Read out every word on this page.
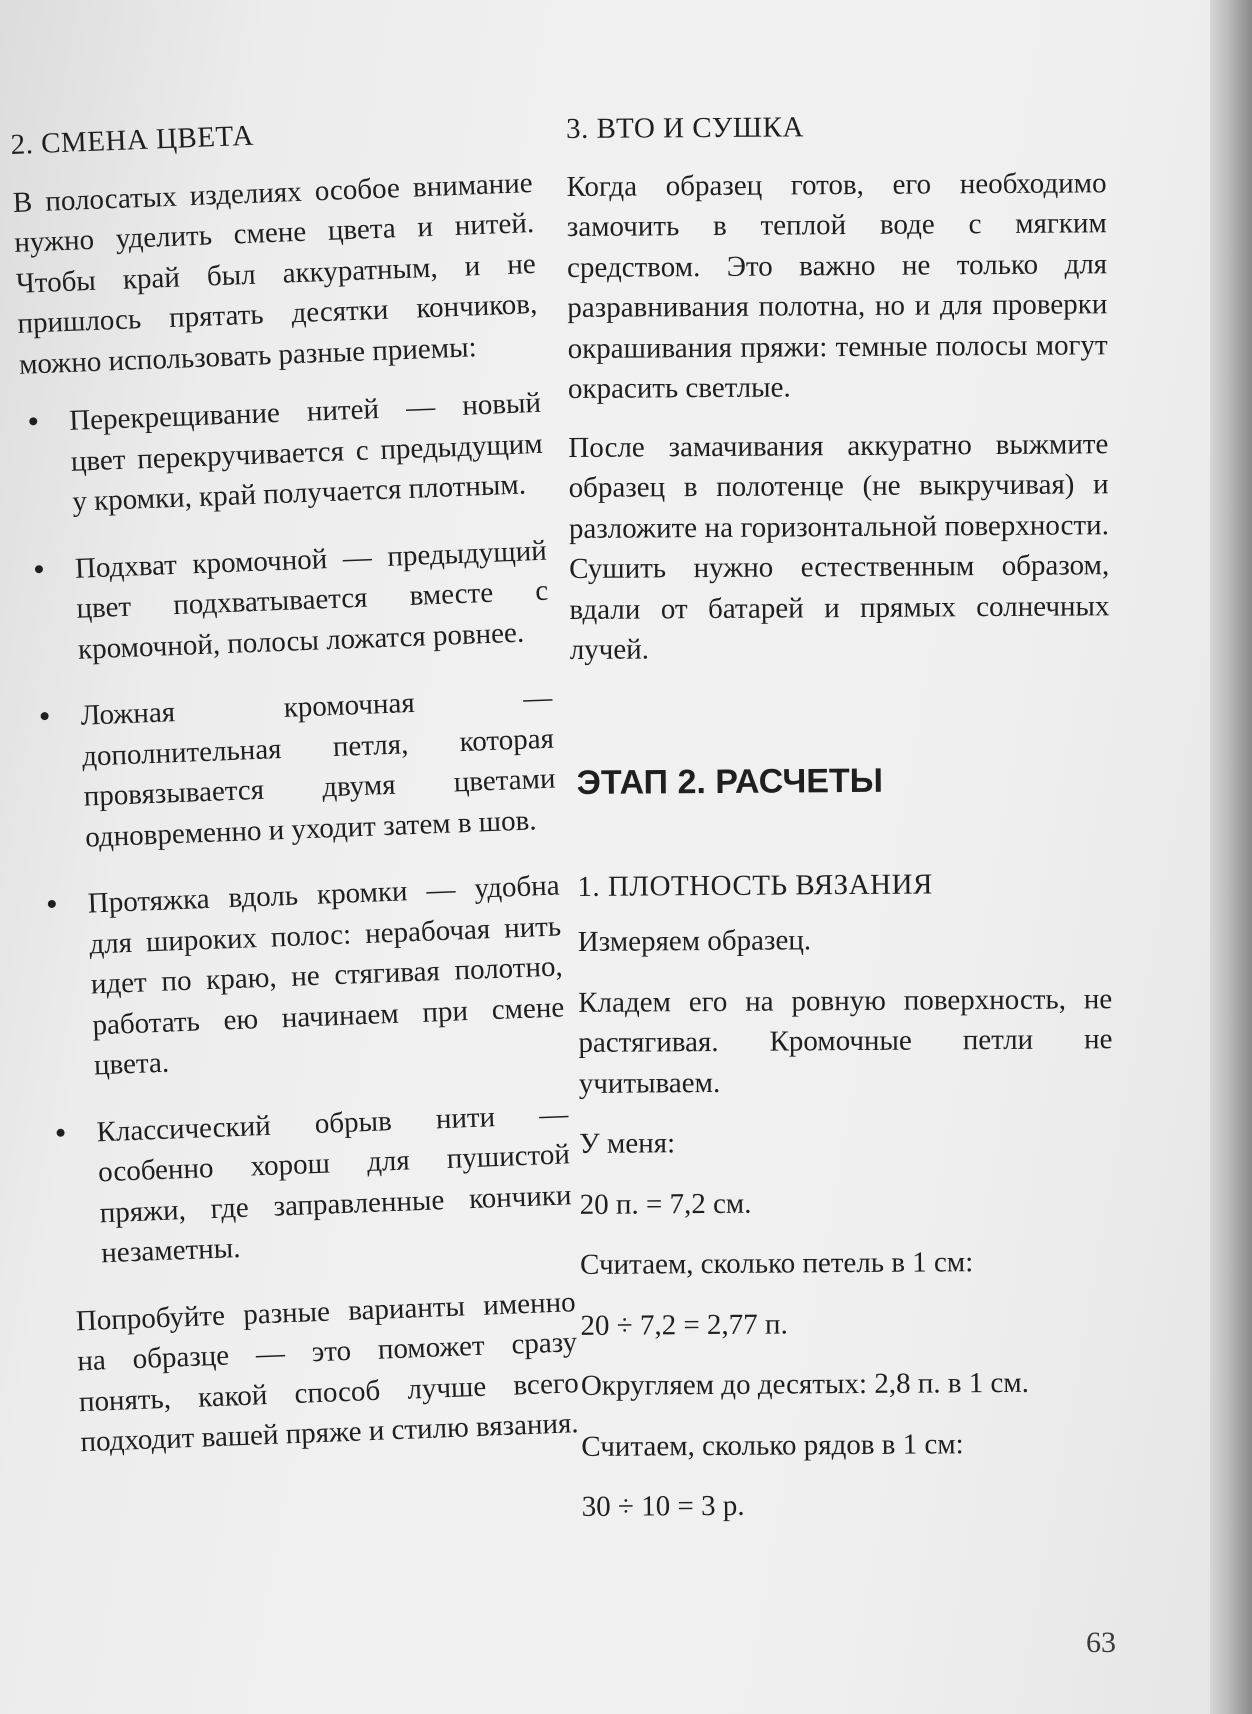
2. СМЕНА ЦВЕТА

В полосатых изделиях особое внимание нужно уделить смене цвета и нитей. Чтобы край был аккуратным, и не пришлось прятать десятки кончиков, можно использовать разные приемы:

Перекрещивание нитей — новый цвет перекручивается с предыдущим у кромки, край получается плотным.
Подхват кромочной — предыдущий цвет подхватывается вместе с кромочной, полосы ложатся ровнее.
Ложная кромочная — дополнительная петля, которая провязывается двумя цветами одновременно и уходит затем в шов.
Протяжка вдоль кромки — удобна для широких полос: нерабочая нить идет по краю, не стягивая полотно, работать ею начинаем при смене цвета.
Классический обрыв нити — особенно хорош для пушистой пряжи, где заправленные кончики незаметны.

Попробуйте разные варианты именно на образце — это поможет сразу понять, какой способ лучше всего подходит вашей пряже и стилю вязания.

3. ВТО И СУШКА

Когда образец готов, его необходимо замочить в теплой воде с мягким средством. Это важно не только для разравнивания полотна, но и для проверки окрашивания пряжи: темные полосы могут окрасить светлые.

После замачивания аккуратно выжмите образец в полотенце (не выкручивая) и разложите на горизонтальной поверхности. Сушить нужно естественным образом, вдали от батарей и прямых солнечных лучей.

ЭТАП 2. РАСЧЕТЫ
1. ПЛОТНОСТЬ ВЯЗАНИЯ

Измеряем образец.

Кладем его на ровную поверхность, не растягивая. Кромочные петли не учитываем.

У меня:

20 п. = 7,2 см.

Считаем, сколько петель в 1 см:

20 ÷ 7,2 = 2,77 п.

Округляем до десятых: 2,8 п. в 1 см.

Считаем, сколько рядов в 1 см:

30 ÷ 10 = 3 р.

63
